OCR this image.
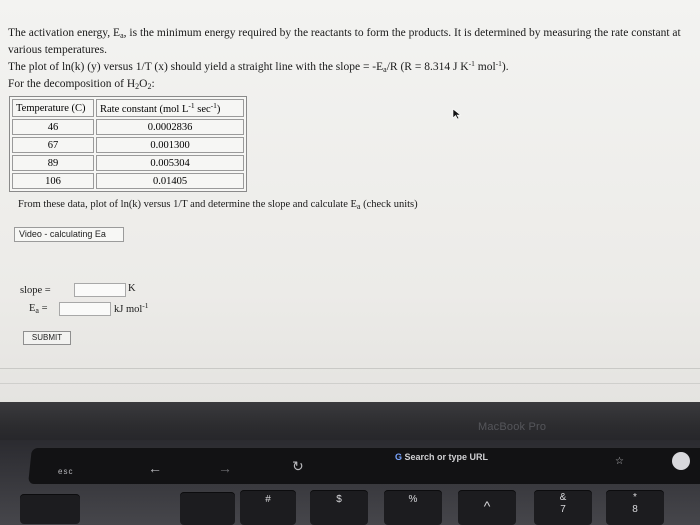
The activation energy, $E_a$, is the minimum energy required by the reactants to form the products. It is determined by measuring the rate constant at

various temperatures.

The plot of ln(k) (y) versus 1/T (x) should yield a straight line with the slope = $-E_a/R$ (R = 8.314 J $K^{-1}$ mol$^{-1}$).

For the decomposition of $H_2O_2$:

Temperature (C)	Rate constant (mol $L^{-1}$ $\sec^{-1}$)
46	0.0002836
67	0.001300
89	0.005304
106	0.01405
From these data, plot of ln(k) versus 1/T and determine the slope and calculate $E_a$ (check units)
Video - calculating Ea
slope =	K
$E_a$ =	kJ mol$^{-1}$
SUBMIT
MacBook Pro
esc	←	→	↻
G Search or type URL	☆
#	$	%	^
&
7
*
8
